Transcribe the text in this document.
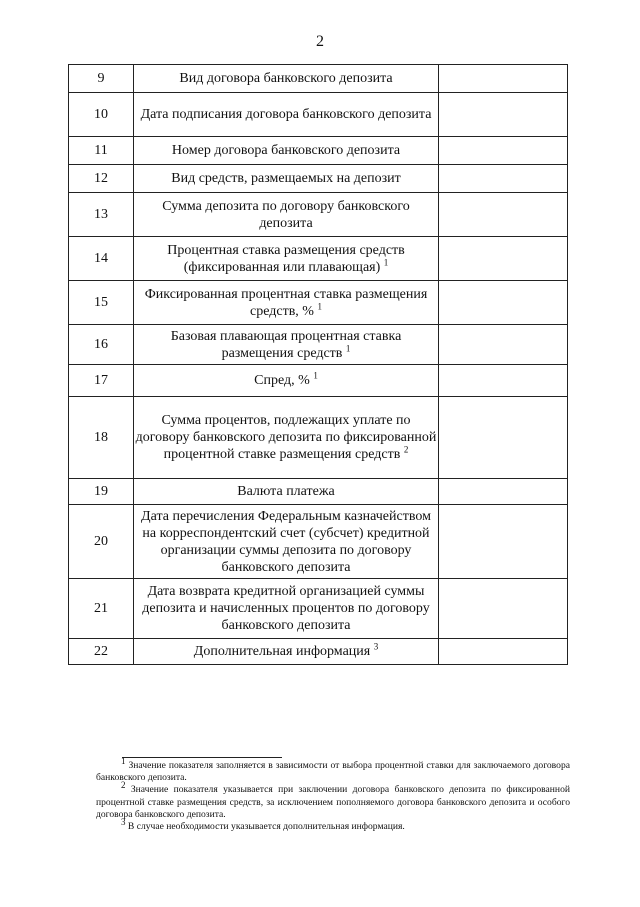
2
9	Вид договора банковского депозита	
10	Дата подписания договора банковского депозита	
11	Номер договора банковского депозита	
12	Вид средств, размещаемых на депозит	
13	Сумма депозита по договору банковского депозита	
14	Процентная ставка размещения средств (фиксированная или плавающая) $^1$	
15	Фиксированная процентная ставка размещения средств, % $^1$	
16	Базовая плавающая процентная ставка размещения средств $^1$	
17	Спред, % $^1$	
18	Сумма процентов, подлежащих уплате по договору банковского депозита по фиксированной процентной ставке размещения средств $^2$	
19	Валюта платежа	
20	Дата перечисления Федеральным казначейством на корреспондентский счет (субсчет) кредитной организации суммы депозита по договору банковского депозита	
21	Дата возврата кредитной организацией суммы депозита и начисленных процентов по договору банковского депозита	
22	Дополнительная информация $^3$	

$^1$ Значение показателя заполняется в зависимости от выбора процентной ставки для заключаемого договора банковского депозита.

$^2$ Значение показателя указывается при заключении договора банковского депозита по фиксированной процентной ставке размещения средств, за исключением пополняемого договора банковского депозита и особого договора банковского депозита.

$^3$ В случае необходимости указывается дополнительная информация.
